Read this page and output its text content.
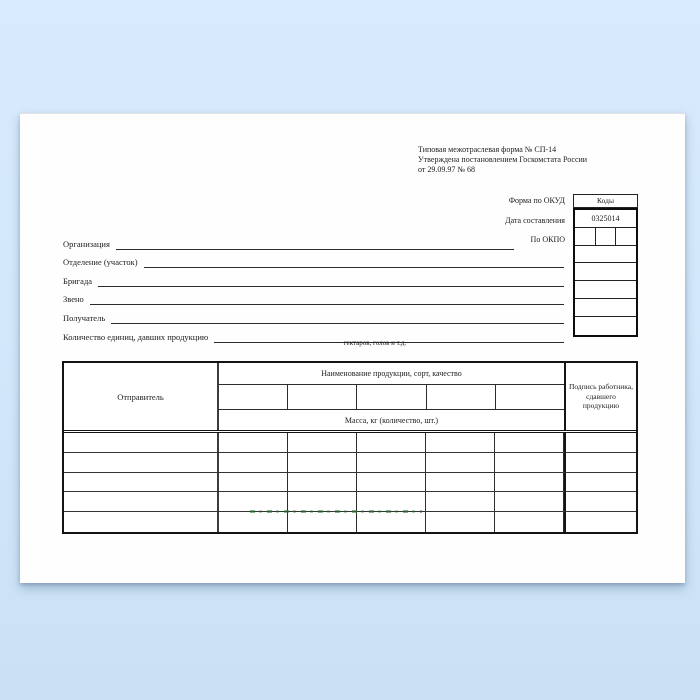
Типовая межотраслевая форма № СП-14
Утверждена постановлением Госкомстата России
от 29.09.97 № 68
Форма по ОКУД
Дата составления
По ОКПО
Коды
0325014
Организация
Отделение (участок)
Бригада
Звено
Получатель
Количество единиц, давших продукцию
гектаров, голов и т.д.
Отправитель
Наименование продукции, сорт, качество
Масса, кг (количество, шт.)
Подпись работника, сдавшего продукцию
